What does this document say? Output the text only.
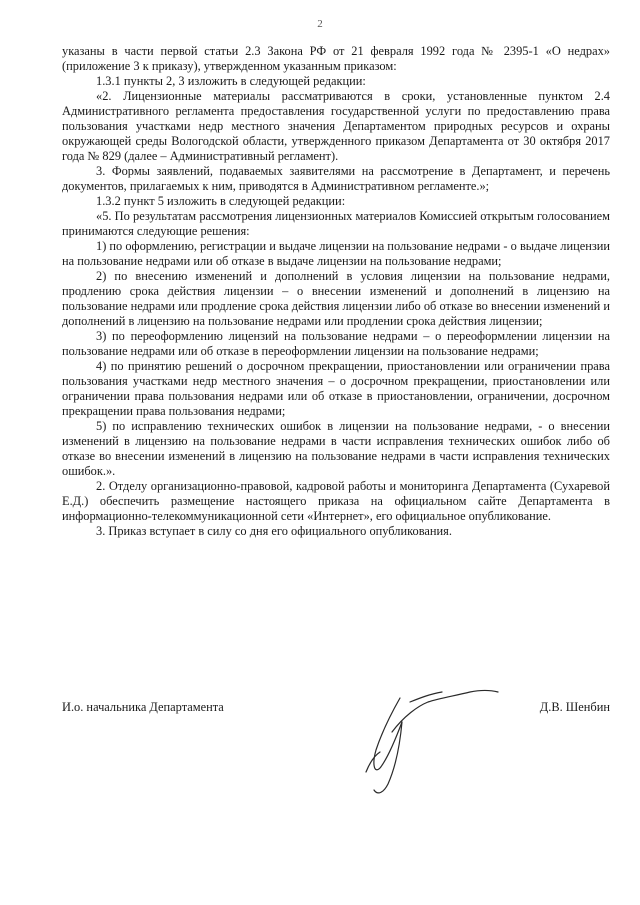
2

указаны в части первой статьи 2.3 Закона РФ от 21 февраля 1992 года № 2395-1 «О недрах» (приложение 3 к приказу), утвержденном указанным приказом:

1.3.1 пункты 2, 3 изложить в следующей редакции:

«2. Лицензионные материалы рассматриваются в сроки, установленные пунктом 2.4 Административного регламента предоставления государственной услуги по предоставлению права пользования участками недр местного значения Департаментом природных ресурсов и охраны окружающей среды Вологодской области, утвержденного приказом Департамента от 30 октября 2017 года № 829 (далее – Административный регламент).

3. Формы заявлений, подаваемых заявителями на рассмотрение в Департамент, и перечень документов, прилагаемых к ним, приводятся в Административном регламенте.»;

1.3.2 пункт 5 изложить в следующей редакции:

«5. По результатам рассмотрения лицензионных материалов Комиссией открытым голосованием принимаются следующие решения:

1) по оформлению, регистрации и выдаче лицензии на пользование недрами - о выдаче лицензии на пользование недрами или об отказе в выдаче лицензии на пользование недрами;

2) по внесению изменений и дополнений в условия лицензии на пользование недрами, продлению срока действия лицензии – о внесении изменений и дополнений в лицензию на пользование недрами или продление срока действия лицензии либо об отказе во внесении изменений и дополнений в лицензию на пользование недрами или продлении срока действия лицензии;

3) по переоформлению лицензий на пользование недрами – о переоформлении лицензии на пользование недрами или об отказе в переоформлении лицензии на пользование недрами;

4) по принятию решений о досрочном прекращении, приостановлении или ограничении права пользования участками недр местного значения – о досрочном прекращении, приостановлении или ограничении права пользования недрами или об отказе в приостановлении, ограничении, досрочном прекращении права пользования недрами;

5) по исправлению технических ошибок в лицензии на пользование недрами, - о внесении изменений в лицензию на пользование недрами в части исправления технических ошибок либо об отказе во внесении изменений в лицензию на пользование недрами в части исправления технических ошибок.».

2. Отделу организационно-правовой, кадровой работы и мониторинга Департамента (Сухаревой Е.Д.) обеспечить размещение настоящего приказа на официальном сайте Департамента в информационно-телекоммуникационной сети «Интернет», его официальное опубликование.

3. Приказ вступает в силу со дня его официального опубликования.

И.о. начальника Департамента	Д.В. Шенбин
